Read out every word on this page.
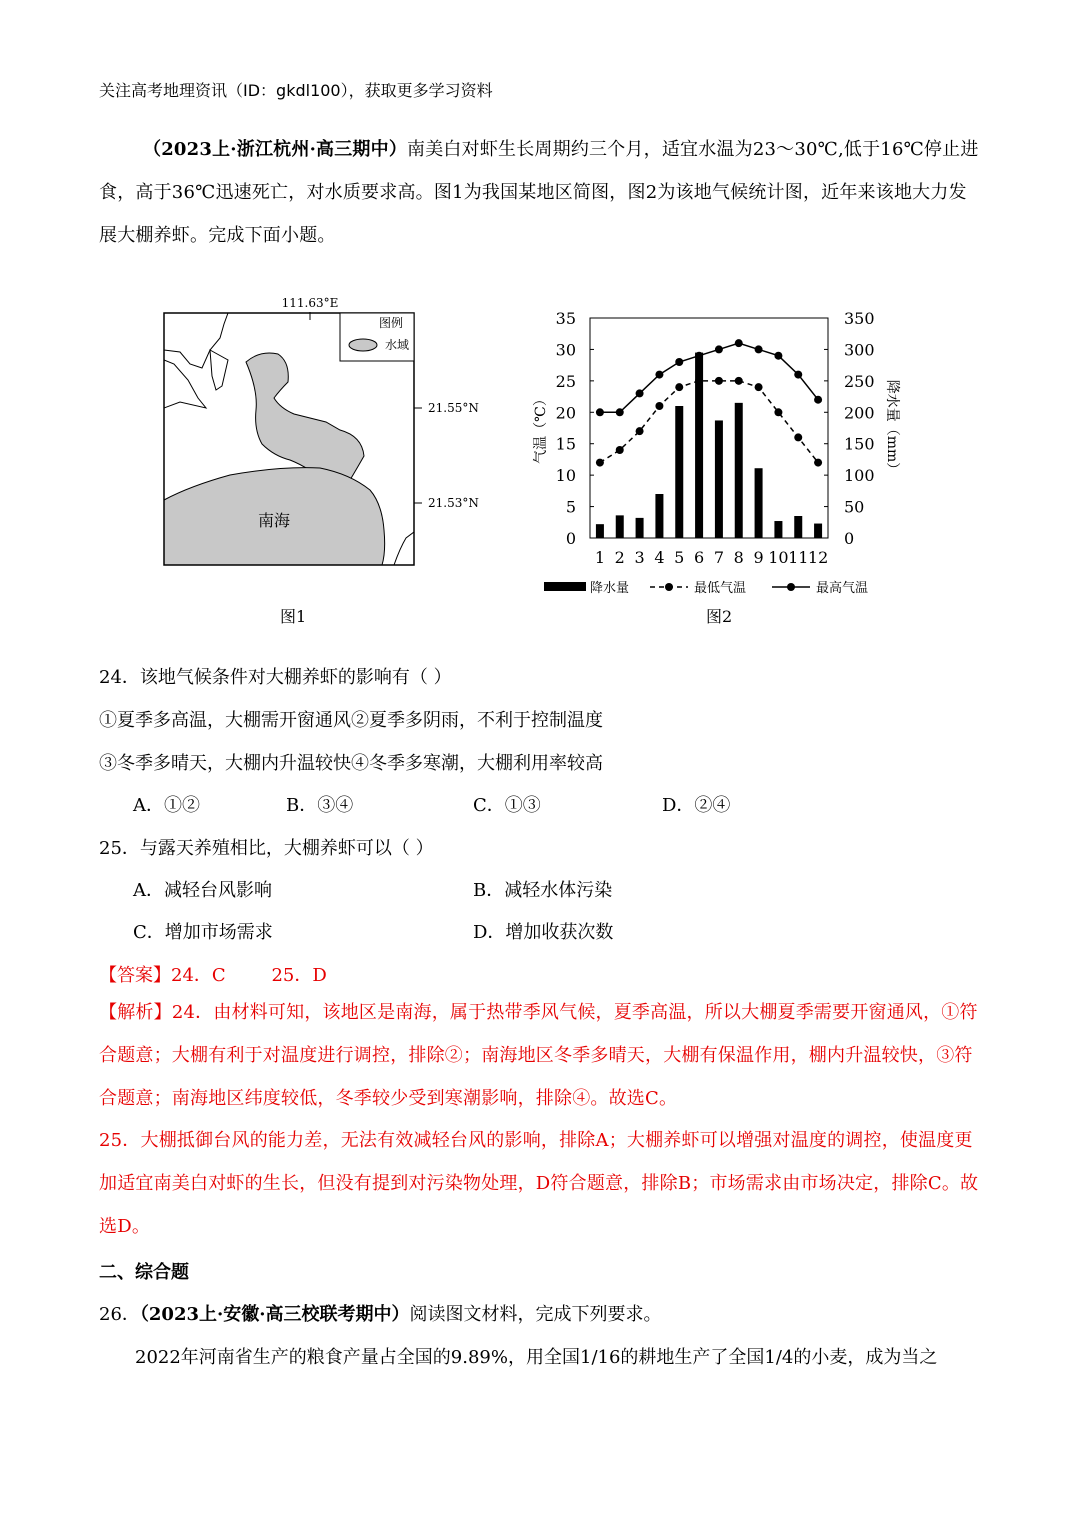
关注高考地理资讯（ID：gkdl100），获取更多学习资料
（2023上·浙江杭州·高三期中）南美白对虾生长周期约三个月，适宜水温为23～30℃,低于16℃停止进食，高于36℃迅速死亡，对水质要求高。图1为我国某地区简图，图2为该地气候统计图，近年来该地大力发展大棚养虾。完成下面小题。
111.63°E
图例
水域
21.55°N
21.53°N
南海
图1
0
5
10
15
20
25
30
35
0
50
100
150
200
250
300
350
1 2 3 4 5 6 7 8 9 10 11 12
气温（℃）	降水量（mm）
降水量	最低气温	最高气温
图2
24．该地气候条件对大棚养虾的影响有（ ）
①夏季多高温，大棚需开窗通风②夏季多阴雨，不利于控制温度
③冬季多晴天，大棚内升温较快④冬季多寒潮，大棚利用率较高
A．①②	B．③④	C．①③	D．②④
25．与露天养殖相比，大棚养虾可以（ ）
A．减轻台风影响	B．减轻水体污染
C．增加市场需求	D．增加收获次数
【答案】24．C        25．D
【解析】24．由材料可知，该地区是南海，属于热带季风气候，夏季高温，所以大棚夏季需要开窗通风，①符合题意；大棚有利于对温度进行调控，排除②；南海地区冬季多晴天，大棚有保温作用，棚内升温较快，③符合题意；南海地区纬度较低，冬季较少受到寒潮影响，排除④。故选C。
25．大棚抵御台风的能力差，无法有效减轻台风的影响，排除A；大棚养虾可以增强对温度的调控，使温度更加适宜南美白对虾的生长，但没有提到对污染物处理，D符合题意，排除B；市场需求由市场决定，排除C。故选D。
二、综合题
26．（2023上·安徽·高三校联考期中）阅读图文材料，完成下列要求。
2022年河南省生产的粮食产量占全国的9.89%，用全国1/16的耕地生产了全国1/4的小麦，成为当之
